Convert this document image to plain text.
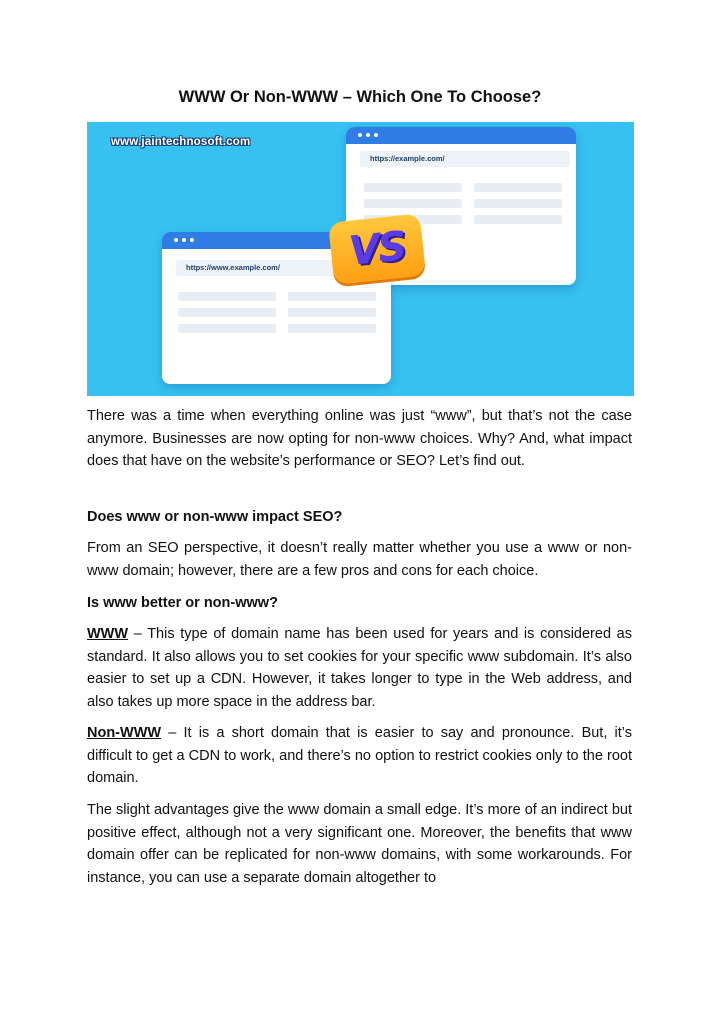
WWW Or Non-WWW – Which One To Choose?
www.jaintechnosoft.com
https://example.com/
https://www.example.com/	VS

There was a time when everything online was just “www”, but that’s not the case anymore. Businesses are now opting for non-www choices. Why? And, what impact does that have on the website’s performance or SEO? Let’s find out.

Does www or non-www impact SEO?

From an SEO perspective, it doesn’t really matter whether you use a www or non-www domain; however, there are a few pros and cons for each choice.

Is www better or non-www?

WWW – This type of domain name has been used for years and is considered as standard. It also allows you to set cookies for your specific www subdomain. It’s also easier to set up a CDN. However, it takes longer to type in the Web address, and also takes up more space in the address bar.

Non-WWW – It is a short domain that is easier to say and pronounce. But, it’s difficult to get a CDN to work, and there’s no option to restrict cookies only to the root domain.

The slight advantages give the www domain a small edge. It’s more of an indirect but positive effect, although not a very significant one. Moreover, the benefits that www domain offer can be replicated for non-www domains, with some workarounds. For instance, you can use a separate domain altogether to
